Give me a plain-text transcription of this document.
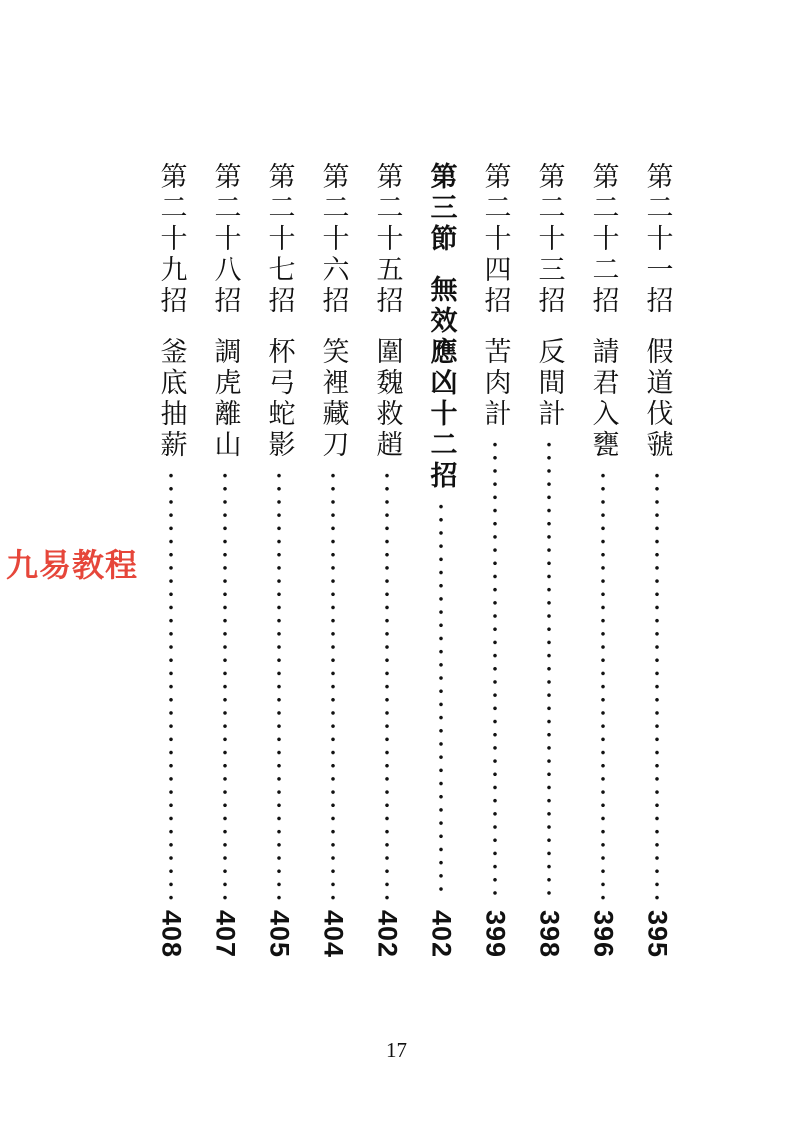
第二十一招
假道伐虢
395
第二十二招
請君入甕
396
第二十三招
反間計
398
第二十四招
苦肉計
399
第三節
無效應凶十二招
402
第二十五招
圍魏救趙
402
第二十六招
笑裡藏刀
404
第二十七招
杯弓蛇影
405
第二十八招
調虎離山
407
第二十九招
釜底抽薪
408
九易教程
17
